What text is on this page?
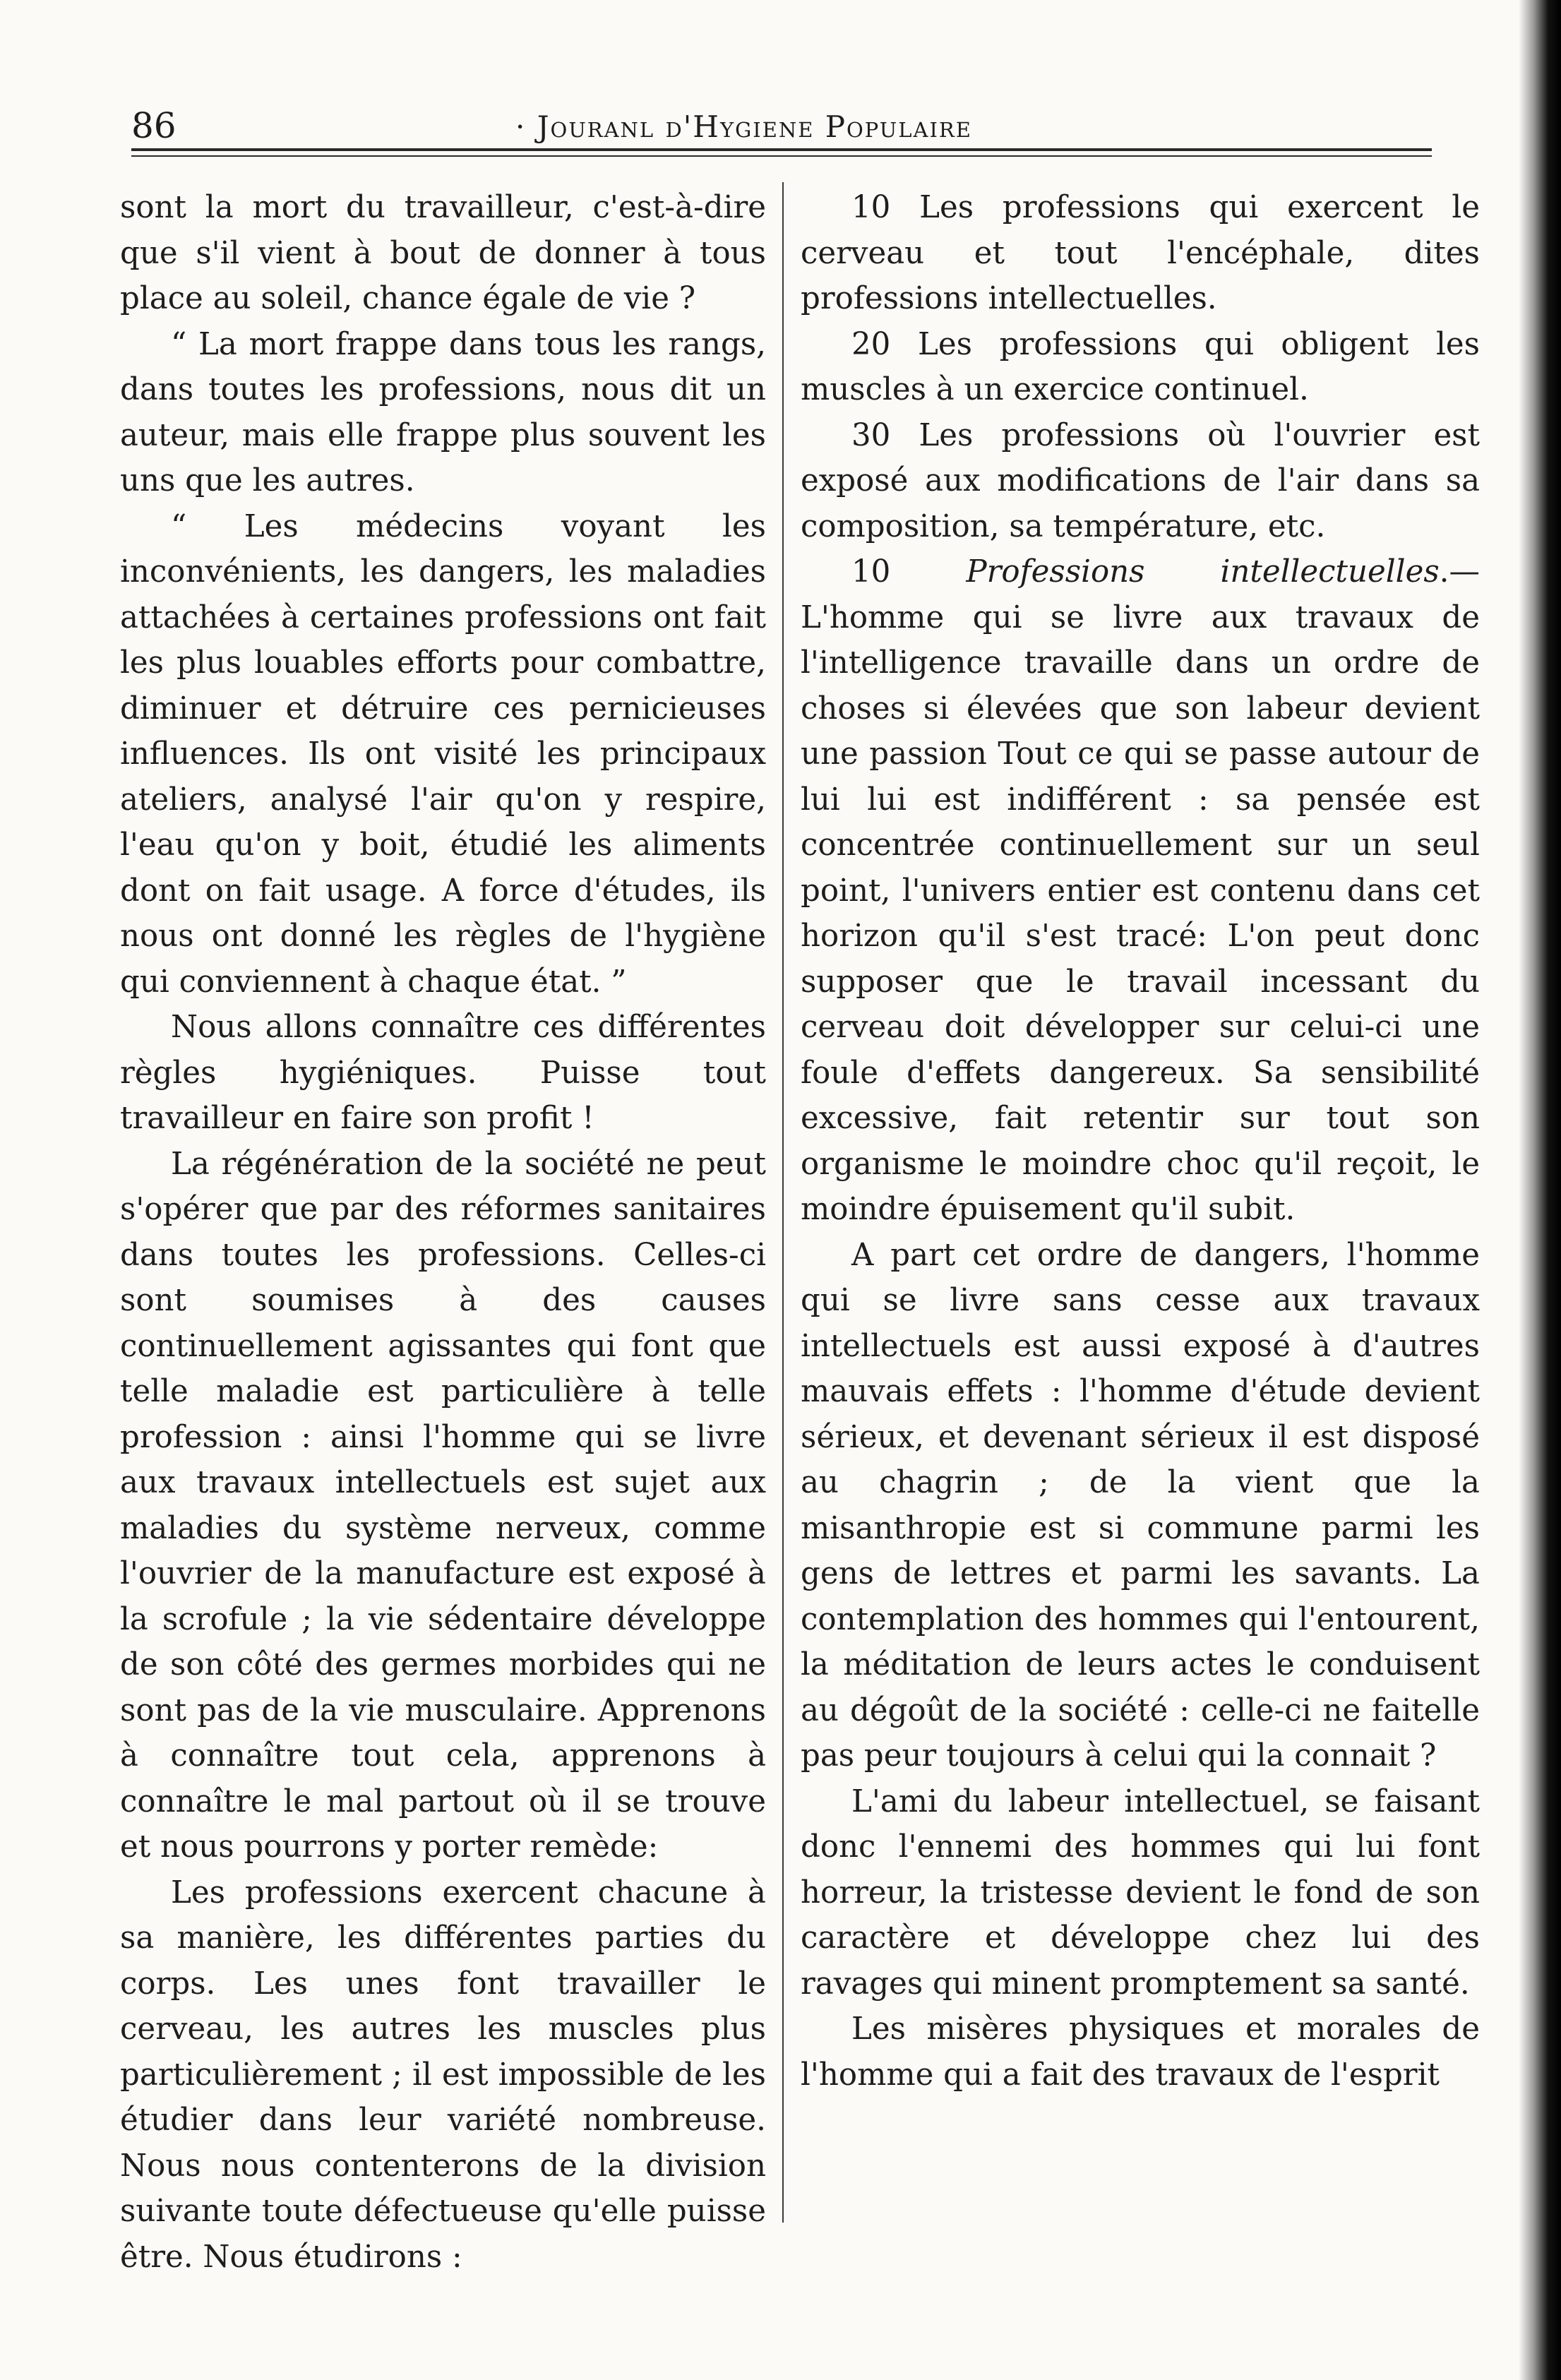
86	· Jouranl d'Hygiene Populaire

sont la mort du travailleur, c'est-à-dire que s'il vient à bout de donner à tous place au soleil, chance égale de vie ?

“ La mort frappe dans tous les rangs, dans toutes les professions, nous dit un auteur, mais elle frappe plus souvent les uns que les autres.

“ Les médecins voyant les inconvénients, les dangers, les maladies attachées à certaines professions ont fait les plus louables efforts pour combattre, diminuer et détruire ces pernicieuses influences. Ils ont visité les principaux ateliers, analysé l'air qu'on y respire, l'eau qu'on y boit, étudié les aliments dont on fait usage. A force d'études, ils nous ont donné les règles de l'hygiène qui conviennent à chaque état. ”

Nous allons connaître ces différentes règles hygiéniques. Puisse tout travailleur en faire son profit !

La régénération de la société ne peut s'opérer que par des réformes sanitaires dans toutes les professions. Celles-ci sont soumises à des causes continuellement agissantes qui font que telle maladie est particulière à telle profession : ainsi l'homme qui se livre aux travaux intellectuels est sujet aux maladies du système nerveux, comme l'ouvrier de la manufacture est exposé à la scrofule ; la vie sédentaire développe de son côté des germes morbides qui ne sont pas de la vie musculaire. Apprenons à connaître tout cela, apprenons à connaître le mal partout où il se trouve et nous pourrons y porter remède:

Les professions exercent chacune à sa manière, les différentes parties du corps. Les unes font travailler le cerveau, les autres les muscles plus particulièrement ; il est impossible de les étudier dans leur variété nombreuse. Nous nous contenterons de la division suivante toute défectueuse qu'elle puisse être. Nous étudirons :

10 Les professions qui exercent le cerveau et tout l'encéphale, dites professions intellectuelles.

20 Les professions qui obligent les muscles à un exercice continuel.

30 Les professions où l'ouvrier est exposé aux modifications de l'air dans sa composition, sa température, etc.

10 Professions intellectuelles.—L'homme qui se livre aux travaux de l'intelligence travaille dans un ordre de choses si élevées que son labeur devient une passion Tout ce qui se passe autour de lui lui est indifférent : sa pensée est concentrée continuellement sur un seul point, l'univers entier est contenu dans cet horizon qu'il s'est tracé: L'on peut donc supposer que le travail incessant du cerveau doit développer sur celui-ci une foule d'effets dangereux. Sa sensibilité excessive, fait retentir sur tout son organisme le moindre choc qu'il reçoit, le moindre épuisement qu'il subit.

A part cet ordre de dangers, l'homme qui se livre sans cesse aux travaux intellectuels est aussi exposé à d'autres mauvais effets : l'homme d'étude devient sérieux, et devenant sérieux il est disposé au chagrin ; de la vient que la misanthropie est si commune parmi les gens de lettres et parmi les savants. La contemplation des hommes qui l'entourent, la méditation de leurs actes le conduisent au dégoût de la société : celle-ci ne faitelle pas peur toujours à celui qui la connait ?

L'ami du labeur intellectuel, se faisant donc l'ennemi des hommes qui lui font horreur, la tristesse devient le fond de son caractère et développe chez lui des ravages qui minent promptement sa santé.

Les misères physiques et morales de l'homme qui a fait des travaux de l'esprit
